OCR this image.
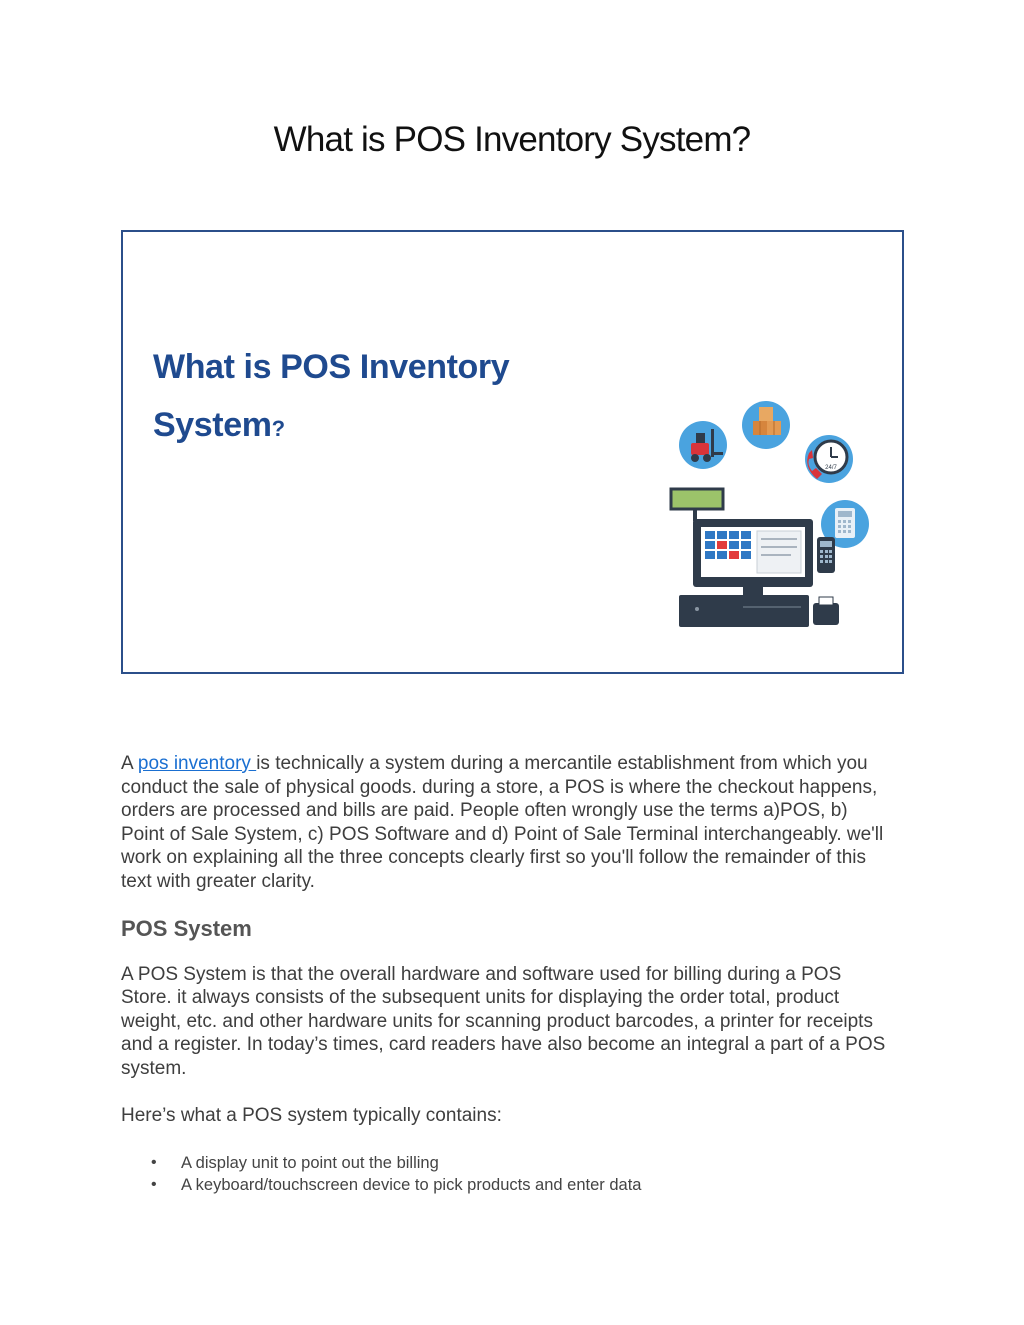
What is POS Inventory System?
What is POS Inventory
System?
24/7

A pos inventory is technically a system during a mercantile establishment from which you conduct the sale of physical goods. during a store, a POS is where the checkout happens, orders are processed and bills are paid. People often wrongly use the terms a)POS, b) Point of Sale System, c) POS Software and d) Point of Sale Terminal interchangeably. we'll work on explaining all the three concepts clearly first so you'll follow the remainder of this text with greater clarity.

POS System

A POS System is that the overall hardware and software used for billing during a POS Store. it always consists of the subsequent units for displaying the order total, product weight, etc. and other hardware units for scanning product barcodes, a printer for receipts and a register. In today’s times, card readers have also become an integral a part of a POS system.

Here’s what a POS system typically contains:

• A display unit to point out the billing
• A keyboard/touchscreen device to pick products and enter data
